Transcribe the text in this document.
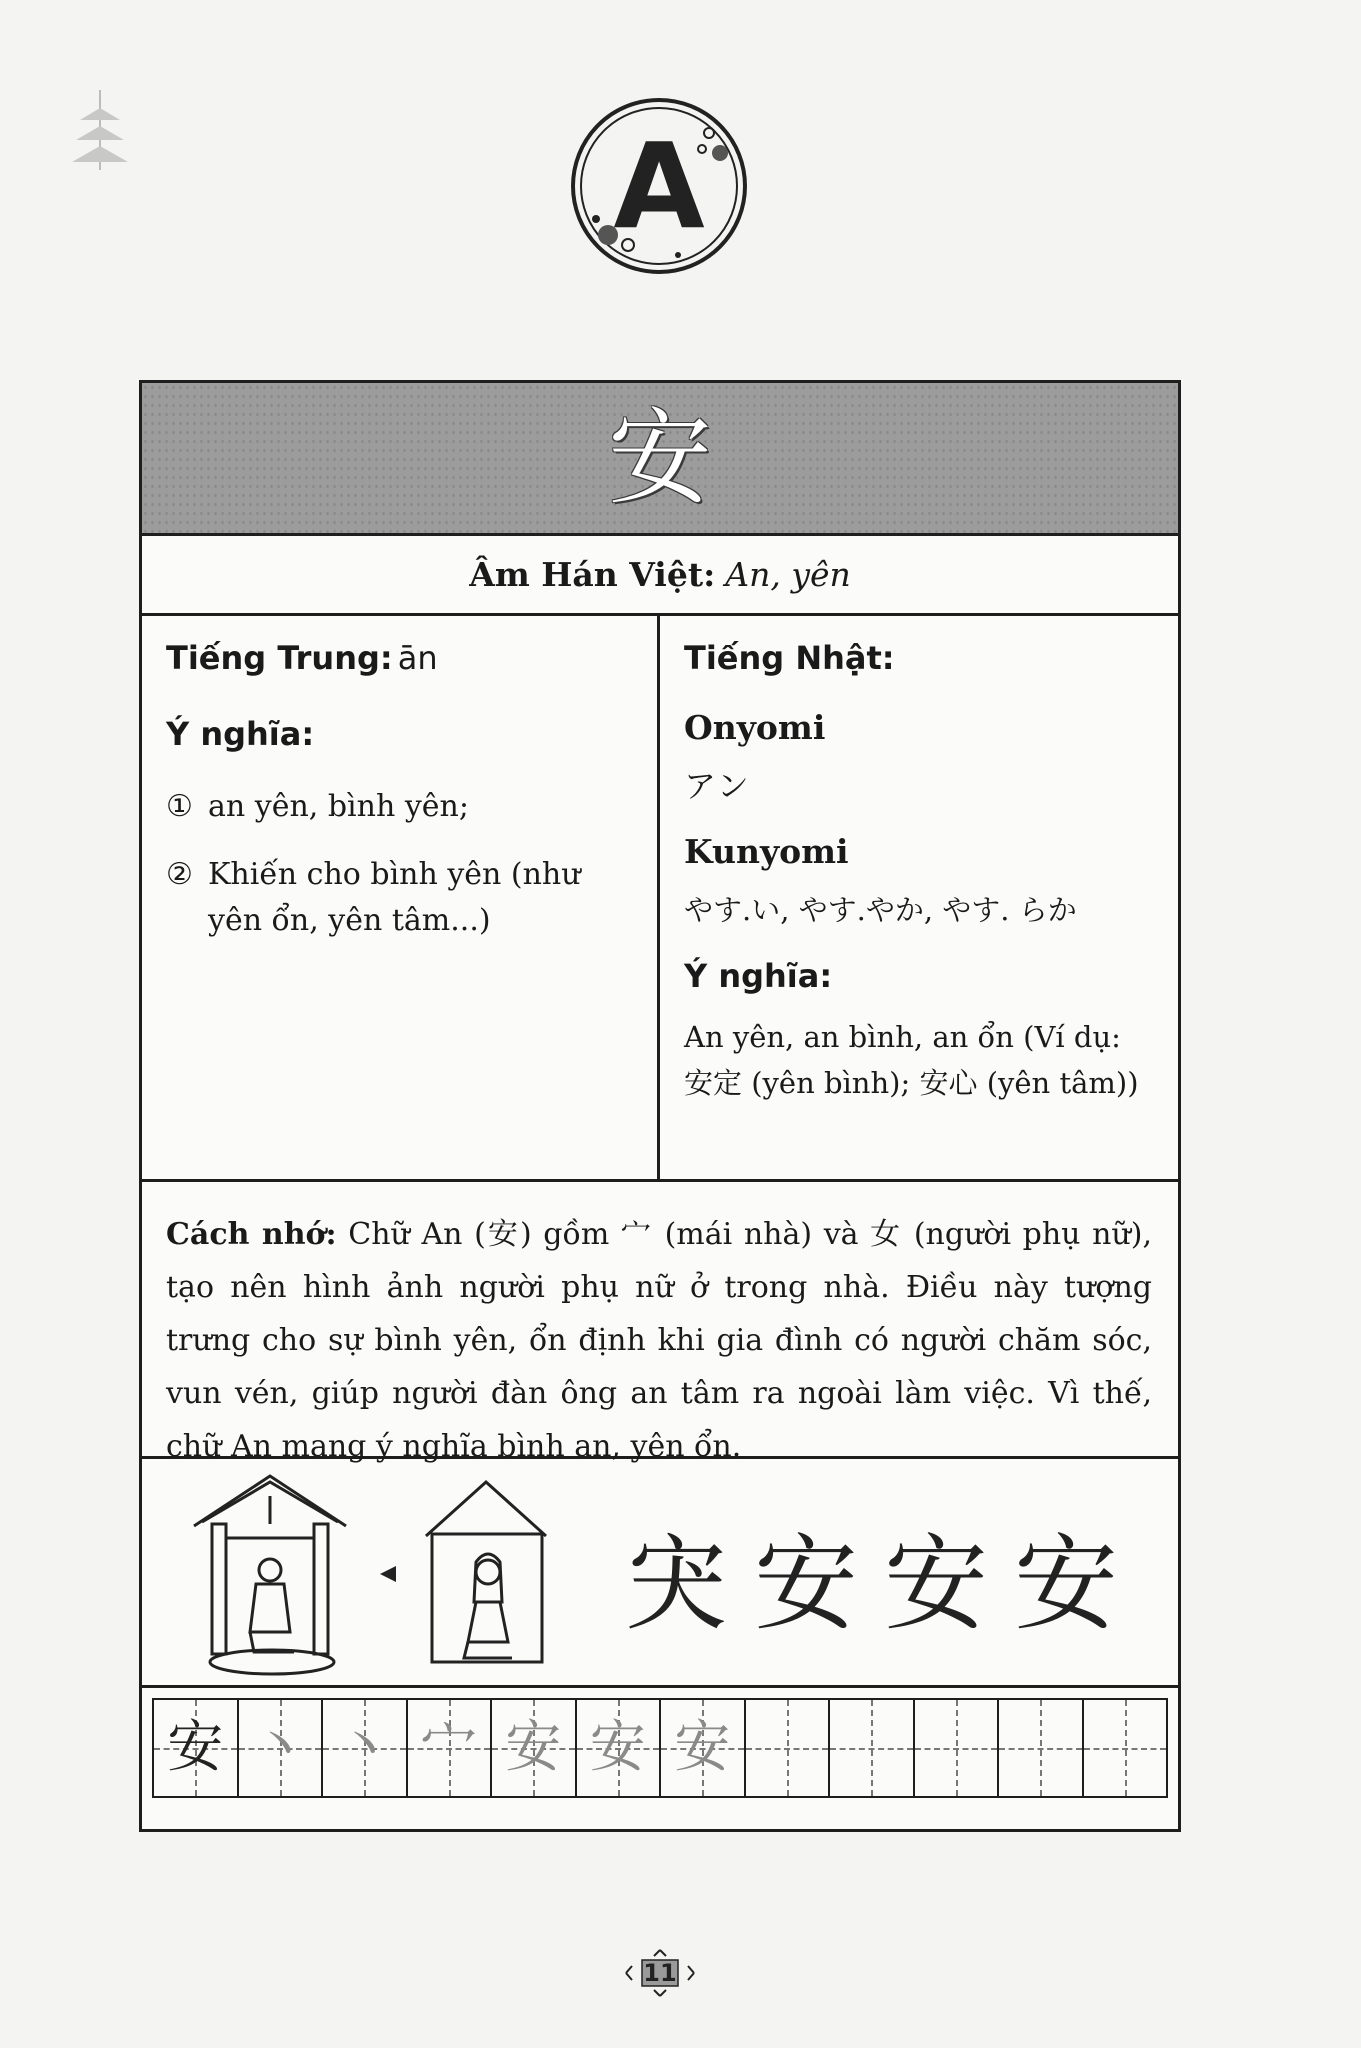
A
安
Âm Hán Việt: An, yên

Tiếng Trung: ān

Ý nghĩa:

① an yên, bình yên;
② Khiến cho bình yên (như yên ổn, yên tâm...)

Tiếng Nhật:

Onyomi

アン

Kunyomi

やす.い, やす.やか, やす. らか

Ý nghĩa:

An yên, an bình, an ổn (Ví dụ: 安定 (yên bình); 安心 (yên tâm))

Cách nhớ: Chữ An (安) gồm 宀 (mái nhà) và 女 (người phụ nữ), tạo nên hình ảnh người phụ nữ ở trong nhà. Điều này tượng trưng cho sự bình yên, ổn định khi gia đình có người chăm sóc, vun vén, giúp người đàn ông an tâm ra ngoài làm việc. Vì thế, chữ An mang ý nghĩa bình an, yên ổn.
宊 安 安 安
安 丶 丶 宀 安 安 安
11
